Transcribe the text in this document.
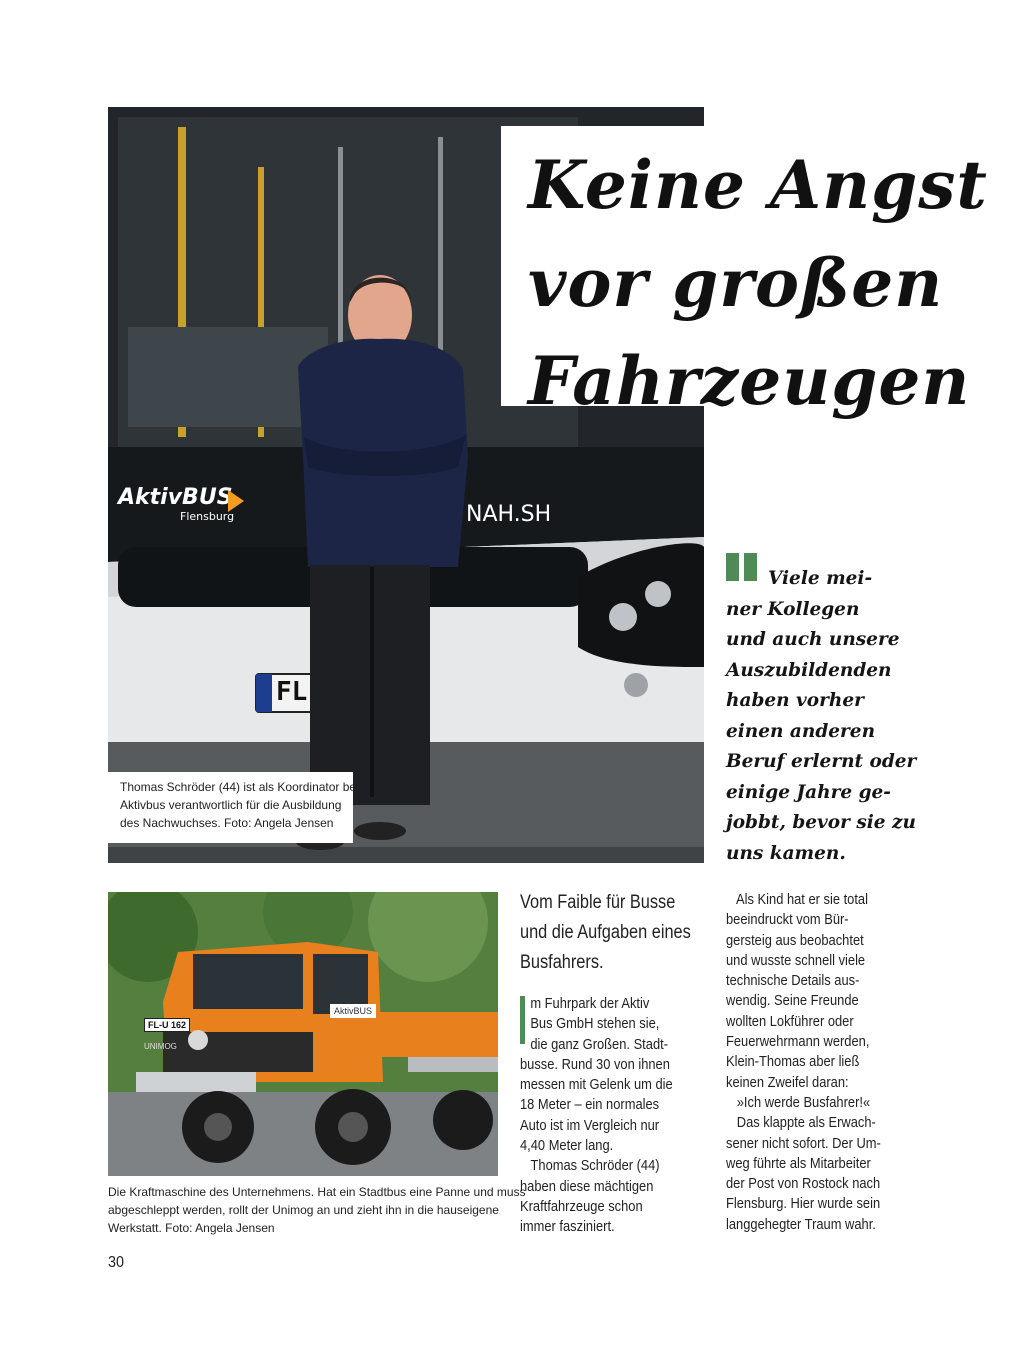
AktivBUS
Flensburg	NAH.SH
FL
Keine Angst
vor großen
Fahrzeugen
Thomas Schröder (44) ist als Koordinator bei
Aktivbus verantwortlich für die Ausbildung
des Nachwuchses. Foto: Angela Jensen
Viele mei-
ner Kollegen
und auch unsere
Auszubildenden
haben vorher
einen anderen
Beruf erlernt oder
einige Jahre ge-
jobbt, bevor sie zu
uns kamen.
AktivBUS
FL-U 162
UNIMOG
Die Kraftmaschine des Unternehmens. Hat ein Stadtbus eine Panne und muss
abgeschleppt werden, rollt der Unimog an und zieht ihn in die hauseigene
Werkstatt. Foto: Angela Jensen
Vom Faible für Busse
und die Aufgaben eines
Busfahrers.
m Fuhrpark der Aktiv
Bus GmbH stehen sie,
die ganz Großen. Stadt-
busse. Rund 30 von ihnen
messen mit Gelenk um die
18 Meter – ein normales
Auto ist im Vergleich nur
4,40 Meter lang.
Thomas Schröder (44)
haben diese mächtigen
Kraftfahrzeuge schon
immer fasziniert.
Als Kind hat er sie total
beeindruckt vom Bür-
gersteig aus beobachtet
und wusste schnell viele
technische Details aus-
wendig. Seine Freunde
wollten Lokführer oder
Feuerwehrmann werden,
Klein-Thomas aber ließ
keinen Zweifel daran:
»Ich werde Busfahrer!«
Das klappte als Erwach-
sener nicht sofort. Der Um-
weg führte als Mitarbeiter
der Post von Rostock nach
Flensburg. Hier wurde sein
langgehegter Traum wahr.
30
